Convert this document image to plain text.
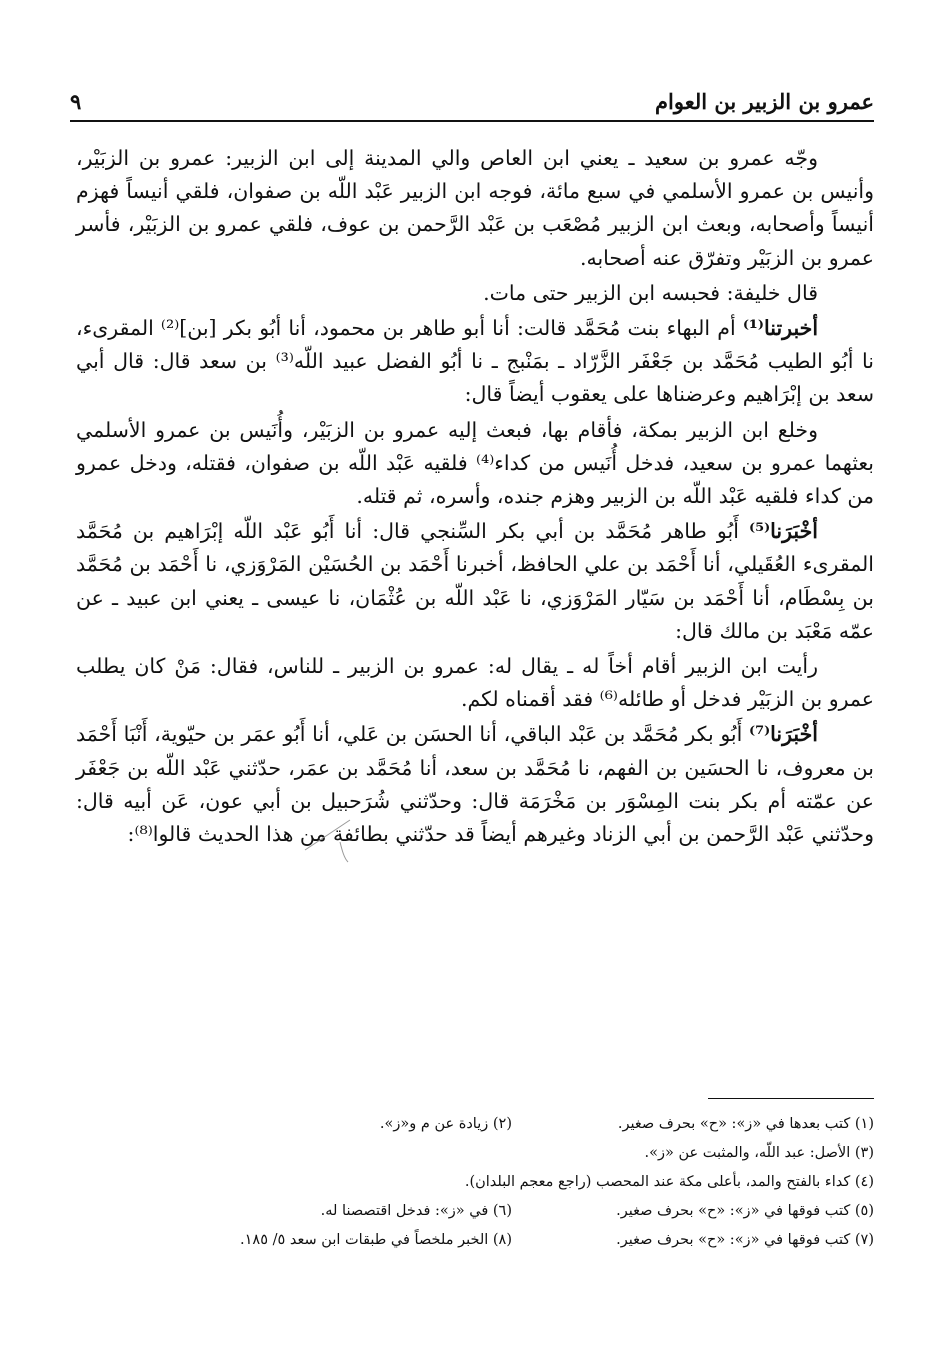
عمرو بن الزبير بن العوام
٩

وجّه عمرو بن سعيد ـ يعني ابن العاص والي المدينة إلى ابن الزبير: عمرو بن الزبَيْر، وأنيس بن عمرو الأسلمي في سبع مائة، فوجه ابن الزبير عَبْد اللّه بن صفوان، فلقي أنيساً فهزم أنيساً وأصحابه، وبعث ابن الزبير مُصْعَب بن عَبْد الرَّحمن بن عوف، فلقي عمرو بن الزبَيْر، فأسر عمرو بن الزبَيْر وتفرّق عنه أصحابه.

قال خليفة: فحبسه ابن الزبير حتى مات.

أخبرتنا⁽¹⁾ أم البهاء بنت مُحَمَّد قالت: أنا أبو طاهر بن محمود، أنا أبُو بكر [بن]⁽²⁾ المقرىء، نا أبُو الطيب مُحَمَّد بن جَعْفَر الزَّرّاد ـ بمَنْبج ـ نا أبُو الفضل عبيد اللّه⁽³⁾ بن سعد قال: قال أبي سعد بن إبْرَاهيم وعرضناها على يعقوب أيضاً قال:

وخلع ابن الزبير بمكة، فأقام بها، فبعث إليه عمرو بن الزبَيْر، وأُنَيس بن عمرو الأسلمي بعثهما عمرو بن سعيد، فدخل أُنَيس من كداء⁽⁴⁾ فلقيه عَبْد اللّه بن صفوان، فقتله، ودخل عمرو من كداء فلقيه عَبْد اللّه بن الزبير وهزم جنده، وأسره، ثم قتله.

أخْبَرَنا⁽⁵⁾ أَبُو طاهر مُحَمَّد بن أبي بكر السِّنجي قال: أنا أَبُو عَبْد اللّه إبْرَاهيم بن مُحَمَّد المقرىء العُقَيلي، أنا أَحْمَد بن علي الحافظ، أخبرنا أَحْمَد بن الحُسَيْن المَرْوَزي، نا أَحْمَد بن مُحَمَّد بن بِسْطَام، أنا أَحْمَد بن سَيّار المَرْوَزي، نا عَبْد اللّه بن عُثْمَان، نا عيسى ـ يعني ابن عبيد ـ عن عمّه مَعْبَد بن مالك قال:

رأيت ابن الزبير أقام أخاً له ـ يقال له: عمرو بن الزبير ـ للناس، فقال: مَنْ كان يطلب عمرو بن الزبَيْر فدخل أو طائله⁽⁶⁾ فقد أقمناه لكم.

أخْبَرَنا⁽⁷⁾ أَبُو بكر مُحَمَّد بن عَبْد الباقي، أنا الحسَن بن عَلي، أنا أَبُو عمَر بن حيّوية، أَنْبَا أَحْمَد بن معروف، نا الحسَين بن الفهم، نا مُحَمَّد بن سعد، أنا مُحَمَّد بن عمَر، حدّثني عَبْد اللّه بن جَعْفَر عن عمّته أم بكر بنت المِسْوَر بن مَخْرَمَة قال: وحدّثني شُرَحبيل بن أبي عون، عَن أبيه قال: وحدّثني عَبْد الرَّحمن بن أبي الزناد وغيرهم أيضاً قد حدّثني بطائفة من هذا الحديث قالوا⁽⁸⁾:

(١) كتب بعدها في «ز»: «ح» بحرف صغير.
(٢) زيادة عن م و«ز».
(٣) الأصل: عبد اللّه، والمثبت عن «ز».
(٤) كداء بالفتح والمد، بأعلى مكة عند المحصب (راجع معجم البلدان).
(٥) كتب فوقها في «ز»: «ح» بحرف صغير.
(٦) في «ز»: فدخل اقتصصنا له.
(٧) كتب فوقها في «ز»: «ح» بحرف صغير.
(٨) الخبر ملخصاً في طبقات ابن سعد ٥/ ١٨٥.
